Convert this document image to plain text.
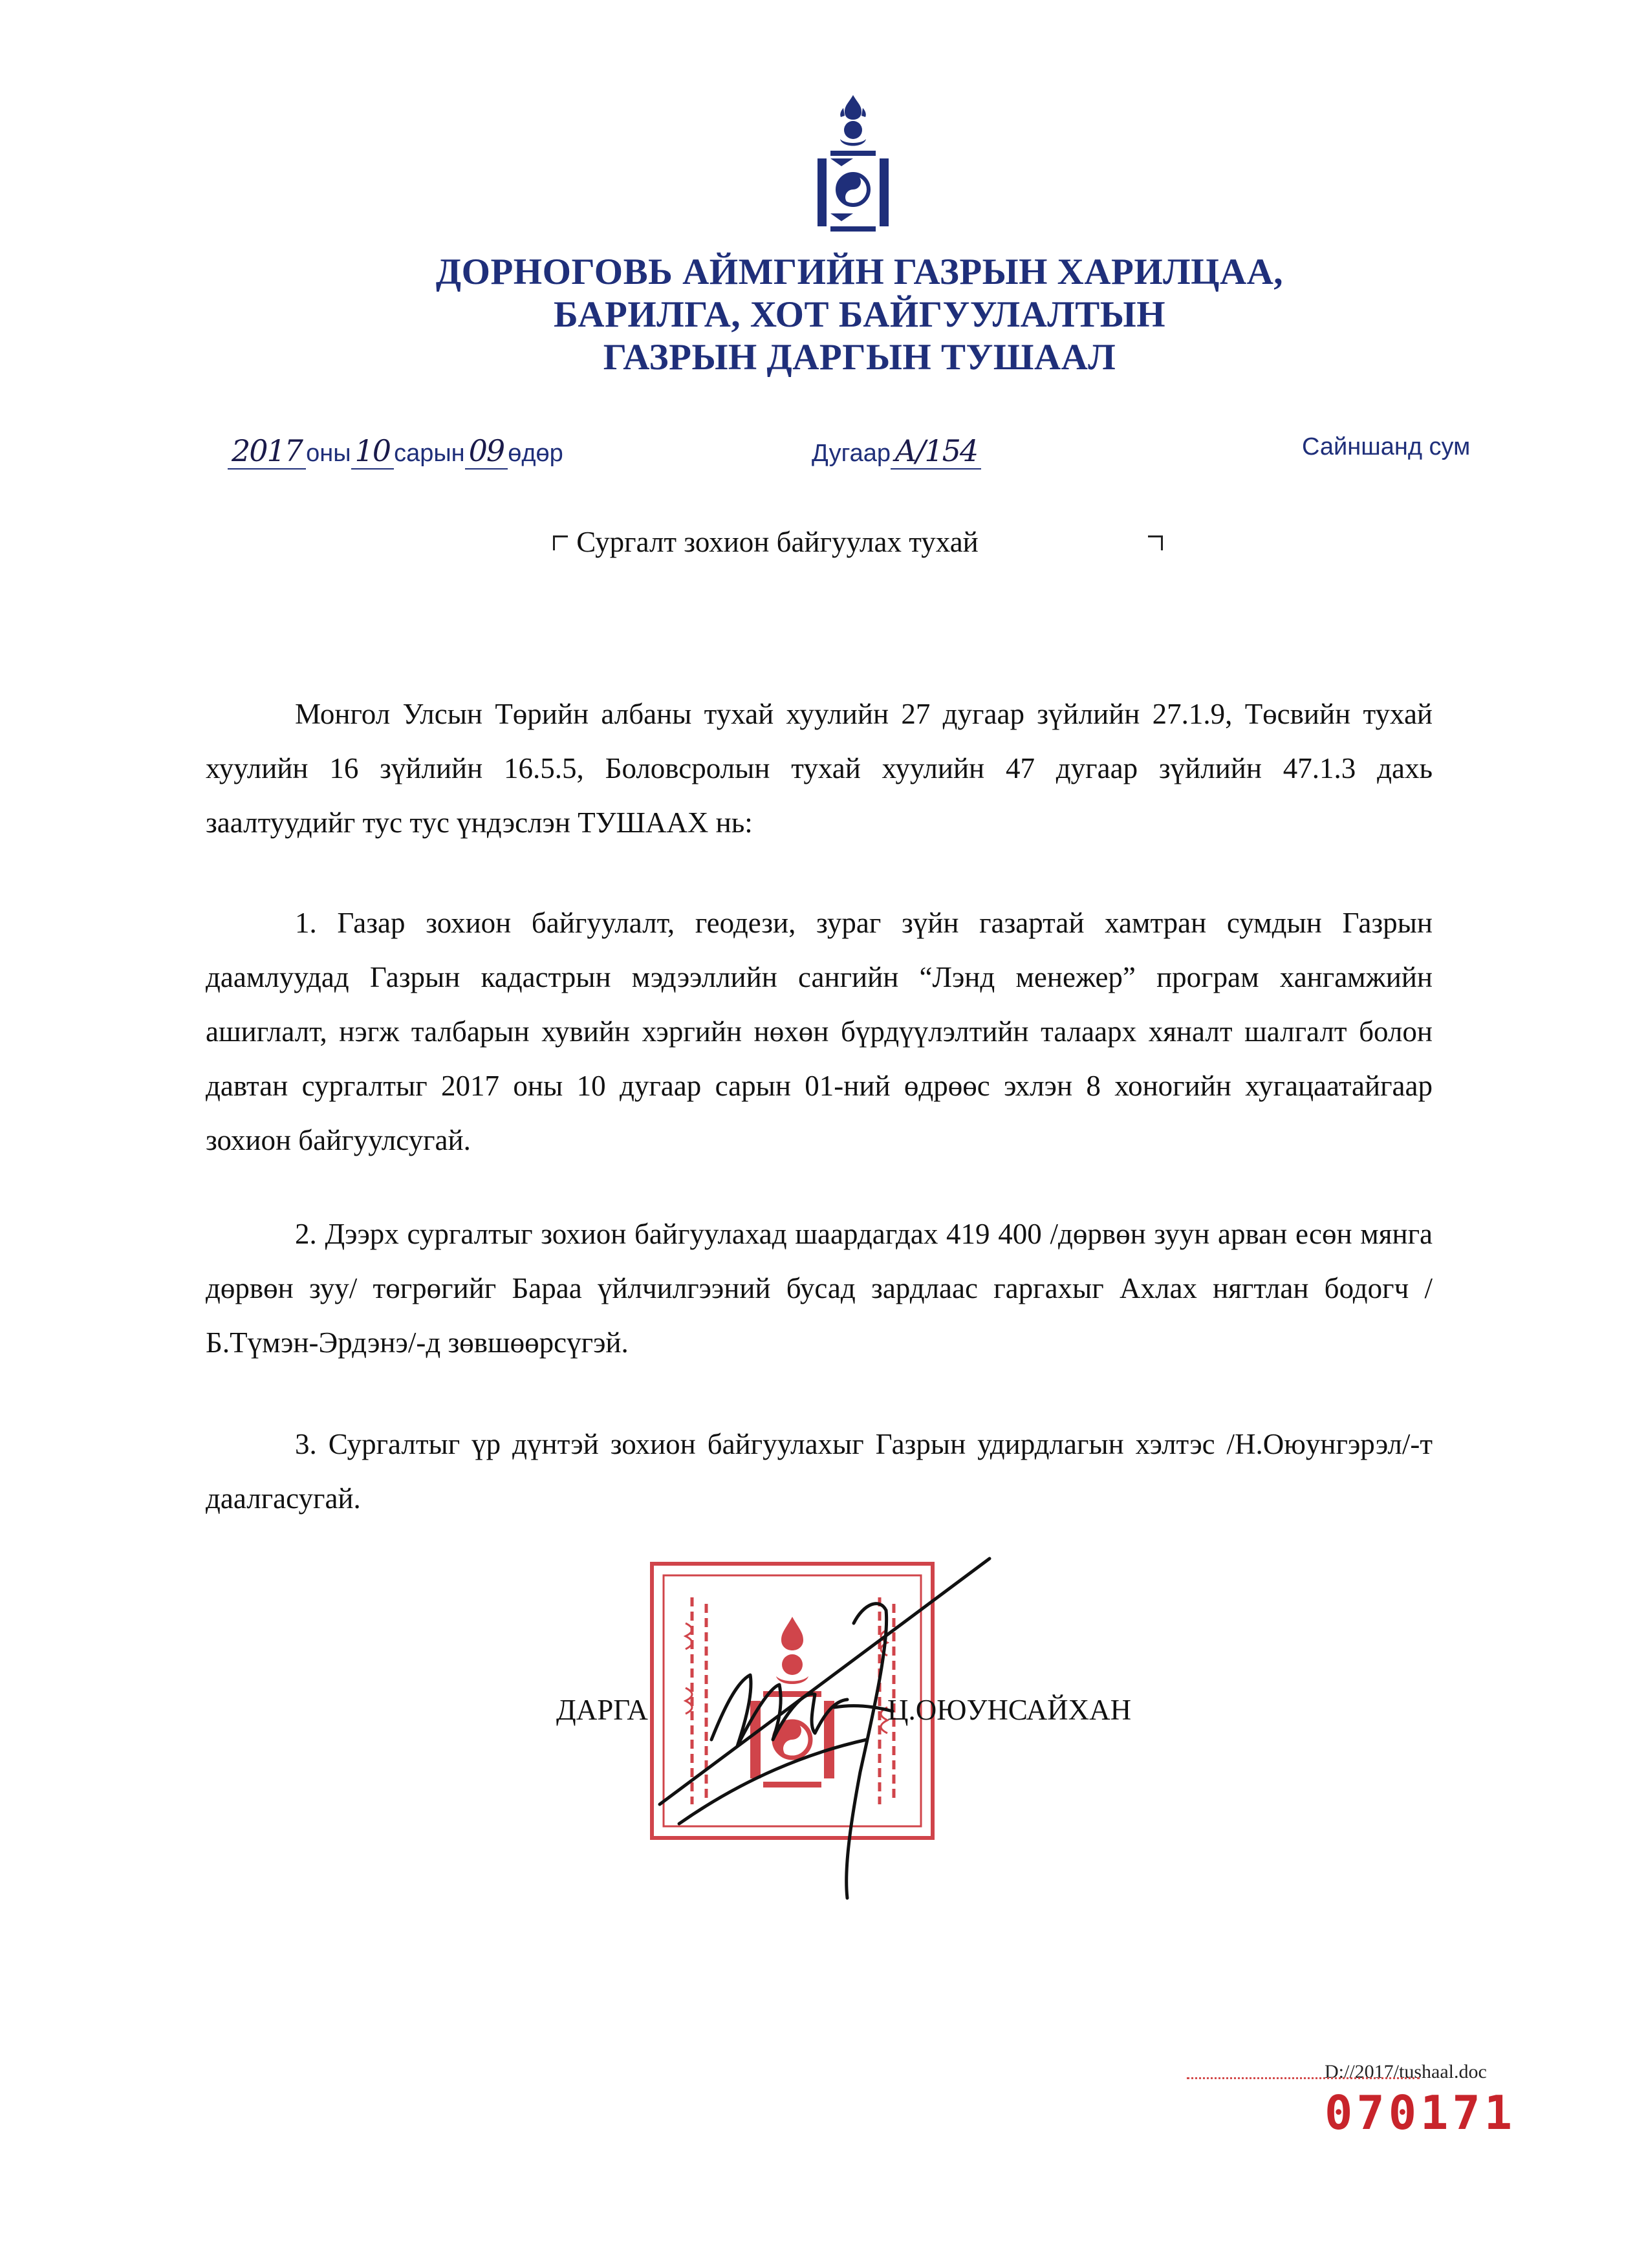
ДОРНОГОВЬ АЙМГИЙН ГАЗРЫН ХАРИЛЦАА,
БАРИЛГА, ХОТ БАЙГУУЛАЛТЫН
ГАЗРЫН ДАРГЫН ТУШААЛ
2017 оны 10 сарын 09 өдөр	Дугаар А/154	Сайншанд сум
Сургалт зохион байгуулах тухай
Монгол Улсын Төрийн албаны тухай хуулийн 27 дугаар зүйлийн 27.1.9, Төсвийн тухай хуулийн 16 зүйлийн 16.5.5, Боловсролын тухай хуулийн 47 дугаар зүйлийн 47.1.3 дахь заалтуудийг тус тус үндэслэн ТУШААХ нь:
1. Газар зохион байгуулалт, геодези, зураг зүйн газартай хамтран сумдын Газрын даамлуудад Газрын кадастрын мэдээллийн сангийн “Лэнд менежер” програм хангамжийн ашиглалт, нэгж талбарын хувийн хэргийн нөхөн бүрдүүлэлтийн талаарх хяналт шалгалт болон давтан сургалтыг 2017 оны 10 дугаар сарын 01-ний өдрөөс эхлэн 8 хоногийн хугацаатайгаар зохион байгуулсугай.
2. Дээрх сургалтыг зохион байгуулахад шаардагдах 419 400 /дөрвөн зуун арван есөн мянга дөрвөн зуу/ төгрөгийг Бараа үйлчилгээний бусад зардлаас гаргахыг Ахлах нягтлан бодогч /Б.Түмэн-Эрдэнэ/-д зөвшөөрсүгэй.
3. Сургалтыг үр дүнтэй зохион байгуулахыг Газрын удирдлагын хэлтэс /Н.Оюунгэрэл/-т даалгасугай.
ДАРГА	Ц.ОЮУНСАЙХАН
D://2017/tushaal.doc
070171
